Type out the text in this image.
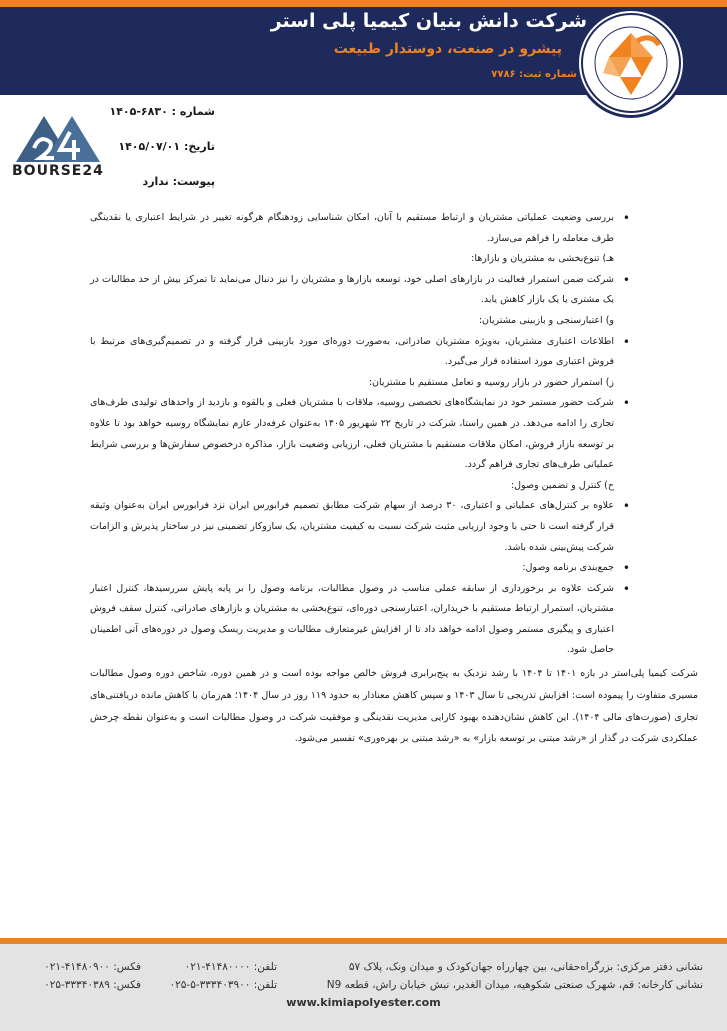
شرکت دانش بنیان کیمیا پلی استر
پیشرو در صنعت، دوستدار طبیعت
شماره ثبت: ۷۷۸۶
شماره : ۶۸۳۰-۱۴۰۵
تاریخ: ۱۴۰۵/۰۷/۰۱
پیوست: ندارد
BOURSE24
• بررسی وضعیت عملیاتی مشتریان و ارتباط مستقیم با آنان، امکان شناسایی زودهنگام هرگونه تغییر در شرایط اعتباری یا نقدینگی طرف معامله را فراهم می‌سازد.
هـ) تنوع‌بخشی به مشتریان و بازارها:
• شرکت ضمن استمرار فعالیت در بازارهای اصلی خود، توسعه بازارها و مشتریان را نیز دنبال می‌نماید تا تمرکز بیش از حد مطالبات در یک مشتری یا یک بازار کاهش یابد.
و) اعتبارسنجی و بازبینی مشتریان:
• اطلاعات اعتباری مشتریان، به‌ویژه مشتریان صادراتی، به‌صورت دوره‌ای مورد بازبینی قرار گرفته و در تصمیم‌گیری‌های مرتبط با فروش اعتباری مورد استفاده قرار می‌گیرد.
ز) استمرار حضور در بازار روسیه و تعامل مستقیم با مشتریان:
• شرکت حضور مستمر خود در نمایشگاه‌های تخصصی روسیه، ملاقات با مشتریان فعلی و بالقوه و بازدید از واحدهای تولیدی طرف‌های تجاری را ادامه می‌دهد. در همین راستا، شرکت در تاریخ ۲۲ شهریور ۱۴۰۵ به‌عنوان غرفه‌دار عازم نمایشگاه روسیه خواهد بود تا علاوه بر توسعه بازار فروش، امکان ملاقات مستقیم با مشتریان فعلی، ارزیابی وضعیت بازار، مذاکره درخصوص سفارش‌ها و بررسی شرایط عملیاتی طرف‌های تجاری فراهم گردد.
ح) کنترل و تضمین وصول:
• علاوه بر کنترل‌های عملیاتی و اعتباری، ۳۰ درصد از سهام شرکت مطابق تصمیم فرابورس ایران نزد فرابورس ایران به‌عنوان وثیقه قرار گرفته است تا حتی با وجود ارزیابی مثبت شرکت نسبت به کیفیت مشتریان، یک سازوکار تضمینی نیز در ساختار پذیرش و الزامات شرکت پیش‌بینی شده باشد.
• جمع‌بندی برنامه وصول:
• شرکت علاوه بر برخورداری از سابقه عملی مناسب در وصول مطالبات، برنامه وصول را بر پایه پایش سررسیدها، کنترل اعتبار مشتریان، استمرار ارتباط مستقیم با خریداران، اعتبارسنجی دوره‌ای، تنوع‌بخشی به مشتریان و بازارهای صادراتی، کنترل سقف فروش اعتباری و پیگیری مستمر وصول ادامه خواهد داد تا از افزایش غیرمتعارف مطالبات و مدیریت ریسک وصول در دوره‌های آتی اطمینان حاصل شود.
شرکت کیمیا پلی‌استر در بازه ۱۴۰۱ تا ۱۴۰۴ با رشد نزدیک به پنج‌برابری فروش خالص مواجه بوده است و در همین دوره، شاخص دوره وصول مطالبات مسیری متفاوت را پیموده است: افزایش تدریجی تا سال ۱۴۰۳ و سپس کاهش معنادار به حدود ۱۱۹ روز در سال ۱۴۰۴؛ هم‌زمان با کاهش مانده دریافتنی‌های تجاری (صورت‌های مالی ۱۴۰۴). این کاهش نشان‌دهنده بهبود کارایی مدیریت نقدینگی و موفقیت شرکت در وصول مطالبات است و به‌عنوان نقطه چرخش عملکردی شرکت در گذار از «رشد مبتنی بر توسعه بازار» به «رشد مبتنی بر بهره‌وری» تفسیر می‌شود.
نشانی دفتر مرکزی: بزرگراه‌حقانی، بین چهارراه جهان‌کودک و میدان ونک، پلاک ۵۷
تلفن: ۴۱۴۸۰۰۰۰-۰۲۱
فکس: ۴۱۴۸۰۹۰۰-۰۲۱
نشانی کارخانه: قم، شهرک صنعتی شکوهیه، میدان الغدیر، نبش خیابان راش، قطعه N9
تلفن: ۳۳۳۴۰۳۹۰۰-۵-۰۲۵
فکس: ۳۳۳۴۰۳۸۹-۰۲۵
www.kimiapolyester.com
